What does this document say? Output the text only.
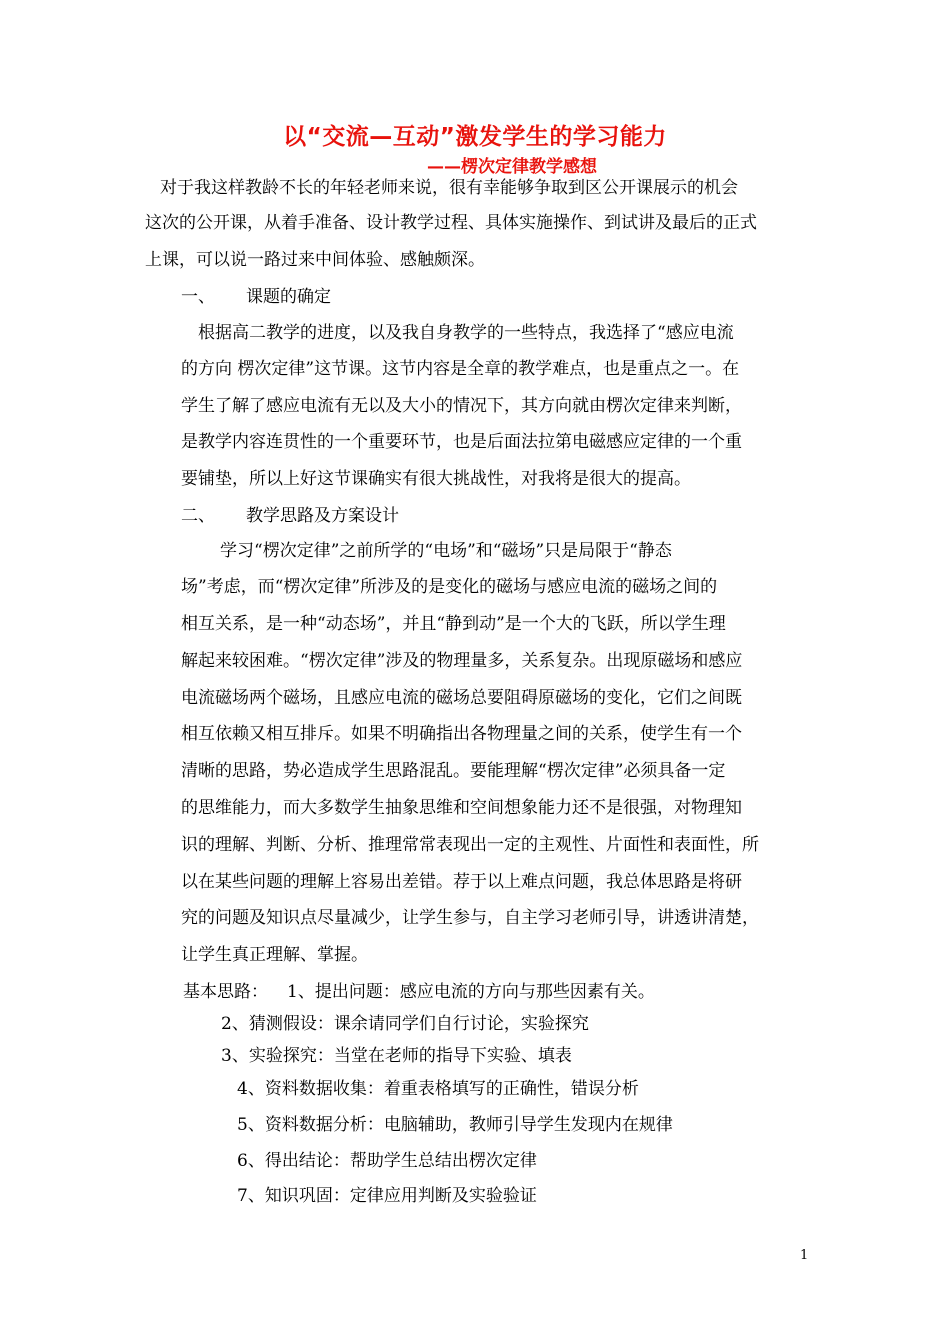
以“交流—互动”激发学生的学习能力
——楞次定律教学感想
对于我这样教龄不长的年轻老师来说，很有幸能够争取到区公开课展示的机会
这次的公开课，从着手准备、设计教学过程、具体实施操作、到试讲及最后的正式
上课，可以说一路过来中间体验、感触颇深。
一、 课题的确定
根据高二教学的进度，以及我自身教学的一些特点，我选择了“感应电流
的方向 楞次定律”这节课。这节内容是全章的教学难点，也是重点之一。在
学生了解了感应电流有无以及大小的情况下，其方向就由楞次定律来判断，
是教学内容连贯性的一个重要环节，也是后面法拉第电磁感应定律的一个重
要铺垫，所以上好这节课确实有很大挑战性，对我将是很大的提高。
二、 教学思路及方案设计
学习“楞次定律”之前所学的“电场”和“磁场”只是局限于“静态
场”考虑，而“楞次定律”所涉及的是变化的磁场与感应电流的磁场之间的
相互关系，是一种“动态场”，并且“静到动”是一个大的飞跃，所以学生理
解起来较困难。“楞次定律”涉及的物理量多，关系复杂。出现原磁场和感应
电流磁场两个磁场，且感应电流的磁场总要阻碍原磁场的变化，它们之间既
相互依赖又相互排斥。如果不明确指出各物理量之间的关系，使学生有一个
清晰的思路，势必造成学生思路混乱。要能理解“楞次定律”必须具备一定
的思维能力，而大多数学生抽象思维和空间想象能力还不是很强，对物理知
识的理解、判断、分析、推理常常表现出一定的主观性、片面性和表面性，所
以在某些问题的理解上容易出差错。荐于以上难点问题，我总体思路是将研
究的问题及知识点尽量减少，让学生参与，自主学习老师引导，讲透讲清楚，
让学生真正理解、掌握。
基本思路： 1、提出问题：感应电流的方向与那些因素有关。
2、猜测假设：课余请同学们自行讨论，实验探究
3、实验探究：当堂在老师的指导下实验、填表
4、资料数据收集：着重表格填写的正确性，错误分析
5、资料数据分析：电脑辅助，教师引导学生发现内在规律
6、得出结论：帮助学生总结出楞次定律
7、知识巩固：定律应用判断及实验验证
1
